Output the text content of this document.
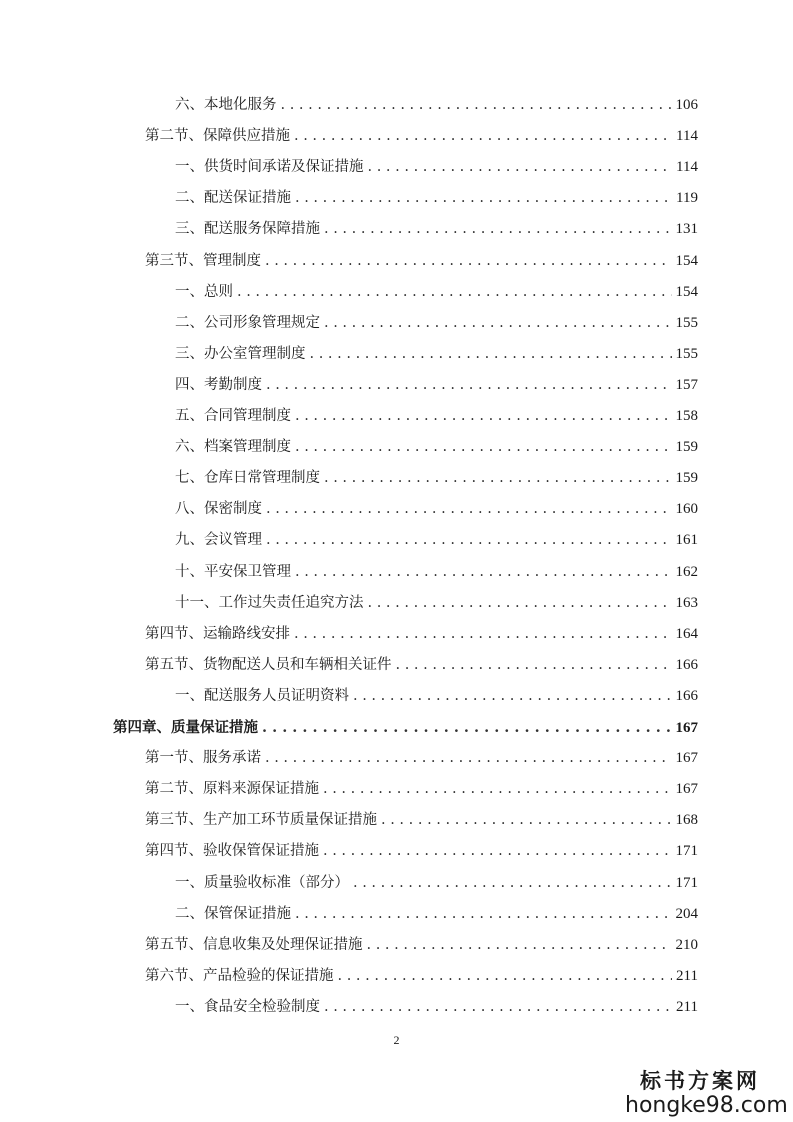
六、本地化服务 . . .	106
第二节、保障供应措施 . . .	114
一、供货时间承诺及保证措施 . . .	114
二、配送保证措施 . . .	119
三、配送服务保障措施 . . .	131
第三节、管理制度 . . .	154
一、总则 . . .	154
二、公司形象管理规定 . . .	155
三、办公室管理制度 . . .	155
四、考勤制度 . . .	157
五、合同管理制度 . . .	158
六、档案管理制度 . . .	159
七、仓库日常管理制度 . . .	159
八、保密制度 . . .	160
九、会议管理 . . .	161
十、平安保卫管理 . . .	162
十一、工作过失责任追究方法 . . .	163
第四节、运输路线安排 . . .	164
第五节、货物配送人员和车辆相关证件 . . .	166
一、配送服务人员证明资料 . . .	166
第四章、质量保证措施 . . .	167
第一节、服务承诺 . . .	167
第二节、原料来源保证措施 . . .	167
第三节、生产加工环节质量保证措施 . . .	168
第四节、验收保管保证措施 . . .	171
一、质量验收标准（部分） . . .	171
二、保管保证措施 . . .	204
第五节、信息收集及处理保证措施 . . .	210
第六节、产品检验的保证措施 . . .	211
一、食品安全检验制度 . . .	211
2
标书方案网
hongke98.com
